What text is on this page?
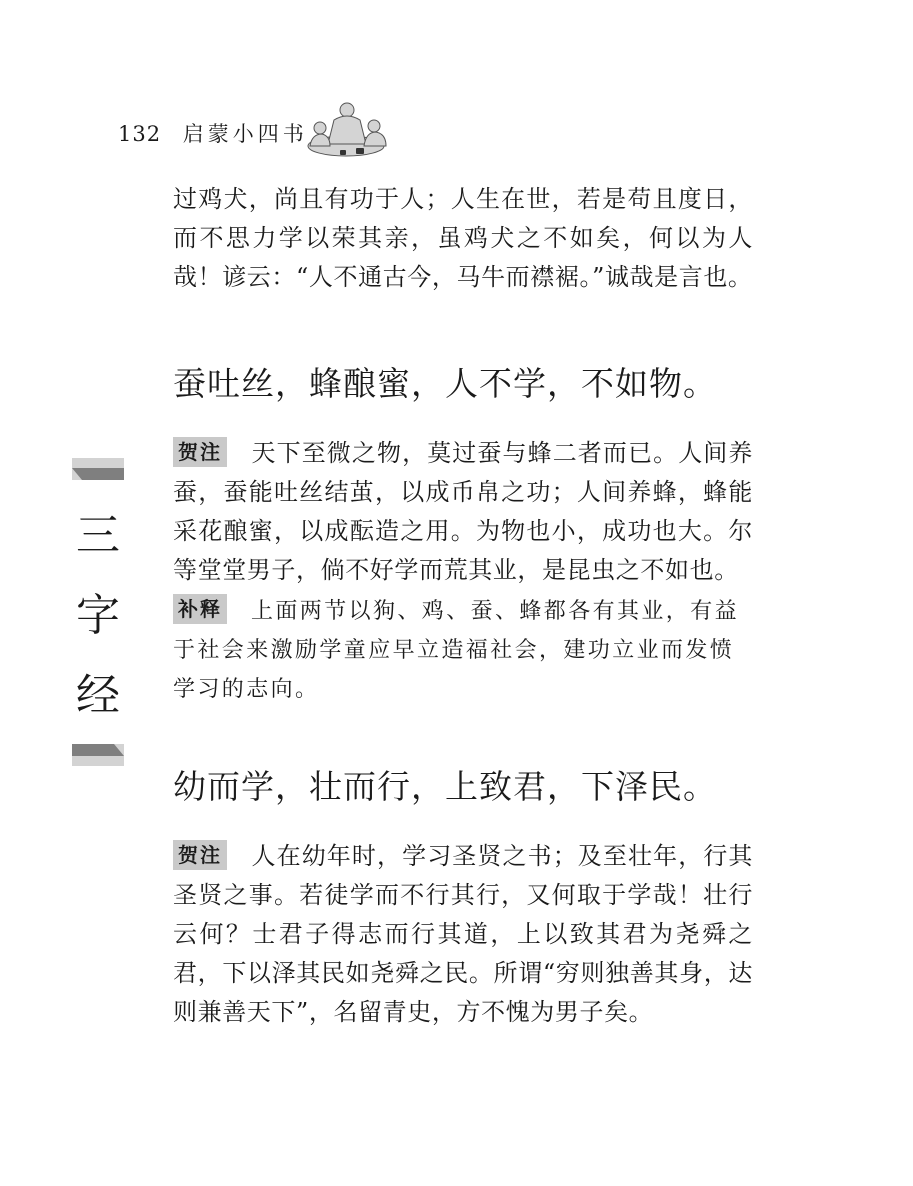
132 启蒙小四书
三
字
经

过鸡犬，尚且有功于人；人生在世，若是苟且度日，而不思力学以荣其亲，虽鸡犬之不如矣，何以为人哉！谚云：“人不通古今，马牛而襟裾。”诚哉是言也。

蚕吐丝，蜂酿蜜，人不学，不如物。

贺注 天下至微之物，莫过蚕与蜂二者而已。人间养蚕，蚕能吐丝结茧，以成币帛之功；人间养蜂，蜂能采花酿蜜，以成酝造之用。为物也小，成功也大。尔等堂堂男子，倘不好学而荒其业，是昆虫之不如也。

补释 上面两节以狗、鸡、蚕、蜂都各有其业，有益于社会来激励学童应早立造福社会，建功立业而发愤学习的志向。

幼而学，壮而行，上致君，下泽民。

贺注 人在幼年时，学习圣贤之书；及至壮年，行其圣贤之事。若徒学而不行其行，又何取于学哉！壮行云何？士君子得志而行其道，上以致其君为尧舜之君，下以泽其民如尧舜之民。所谓“穷则独善其身，达则兼善天下”，名留青史，方不愧为男子矣。
